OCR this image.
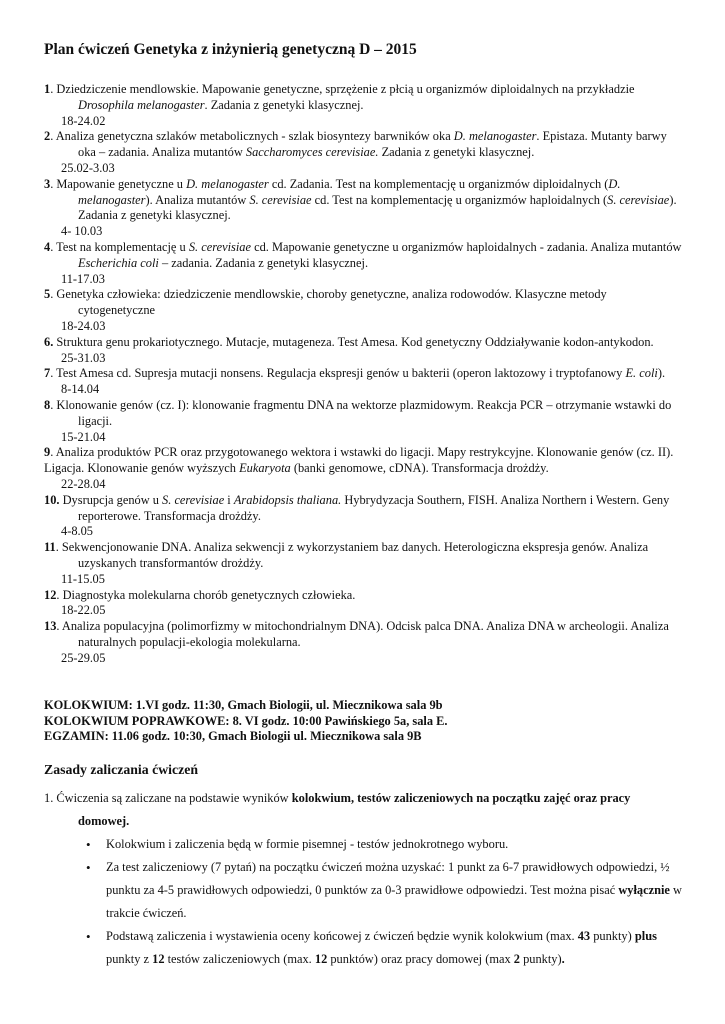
Plan ćwiczeń Genetyka z inżynierią genetyczną D – 2015
1. Dziedziczenie mendlowskie. Mapowanie genetyczne, sprzężenie z płcią u organizmów diploidalnych na przykładzie Drosophila melanogaster. Zadania z genetyki klasycznej.
18-24.02
2. Analiza genetyczna szlaków metabolicznych - szlak biosyntezy barwników oka D. melanogaster. Epistaza. Mutanty barwy oka – zadania. Analiza mutantów Saccharomyces cerevisiae. Zadania z genetyki klasycznej.
25.02-3.03
3. Mapowanie genetyczne u D. melanogaster cd. Zadania. Test na komplementację u organizmów diploidalnych (D. melanogaster). Analiza mutantów S. cerevisiae cd. Test na komplementację u organizmów haploidalnych (S. cerevisiae). Zadania z genetyki klasycznej.
4- 10.03
4. Test na komplementację u S. cerevisiae cd. Mapowanie genetyczne u organizmów haploidalnych - zadania. Analiza mutantów Escherichia coli – zadania. Zadania z genetyki klasycznej.
11-17.03
5. Genetyka człowieka: dziedziczenie mendlowskie, choroby genetyczne, analiza rodowodów. Klasyczne metody cytogenetyczne
18-24.03
6. Struktura genu prokariotycznego. Mutacje, mutageneza. Test Amesa. Kod genetyczny Oddziaływanie kodon-antykodon.
25-31.03
7. Test Amesa cd. Supresja mutacji nonsens. Regulacja ekspresji genów u bakterii (operon laktozowy i tryptofanowy E. coli).
8-14.04
8. Klonowanie genów (cz. I): klonowanie fragmentu DNA na wektorze plazmidowym. Reakcja PCR – otrzymanie wstawki do ligacji.
15-21.04
9. Analiza produktów PCR oraz przygotowanego wektora i wstawki do ligacji. Mapy restrykcyjne. Klonowanie genów (cz. II). Ligacja. Klonowanie genów wyższych Eukaryota (banki genomowe, cDNA). Transformacja drożdży.
22-28.04
10. Dysrupcja genów u S. cerevisiae i Arabidopsis thaliana. Hybrydyzacja Southern, FISH. Analiza Northern i Western. Geny reporterowe. Transformacja drożdży.
4-8.05
11. Sekwencjonowanie DNA. Analiza sekwencji z wykorzystaniem baz danych. Heterologiczna ekspresja genów. Analiza uzyskanych transformantów drożdży.
11-15.05
12. Diagnostyka molekularna chorób genetycznych człowieka.
18-22.05
13. Analiza populacyjna (polimorfizmy w mitochondrialnym DNA). Odcisk palca DNA. Analiza DNA w archeologii. Analiza naturalnych populacji-ekologia molekularna.
25-29.05
KOLOKWIUM: 1.VI godz. 11:30, Gmach Biologii, ul. Miecznikowa sala 9b
KOLOKWIUM POPRAWKOWE: 8. VI godz. 10:00 Pawińskiego 5a, sala E.
EGZAMIN: 11.06 godz. 10:30, Gmach Biologii ul. Miecznikowa sala 9B
Zasady zaliczania ćwiczeń
1. Ćwiczenia są zaliczane na podstawie wyników kolokwium, testów zaliczeniowych na początku zajęć oraz pracy domowej.
• Kolokwium i zaliczenia będą w formie pisemnej - testów jednokrotnego wyboru.
• Za test zaliczeniowy (7 pytań) na początku ćwiczeń można uzyskać: 1 punkt za 6-7 prawidłowych odpowiedzi, ½ punktu za 4-5 prawidłowych odpowiedzi, 0 punktów za 0-3 prawidłowe odpowiedzi. Test można pisać wyłącznie w trakcie ćwiczeń.
• Podstawą zaliczenia i wystawienia oceny końcowej z ćwiczeń będzie wynik kolokwium (max. 43 punkty) plus punkty z 12 testów zaliczeniowych (max. 12 punktów) oraz pracy domowej (max 2 punkty).
